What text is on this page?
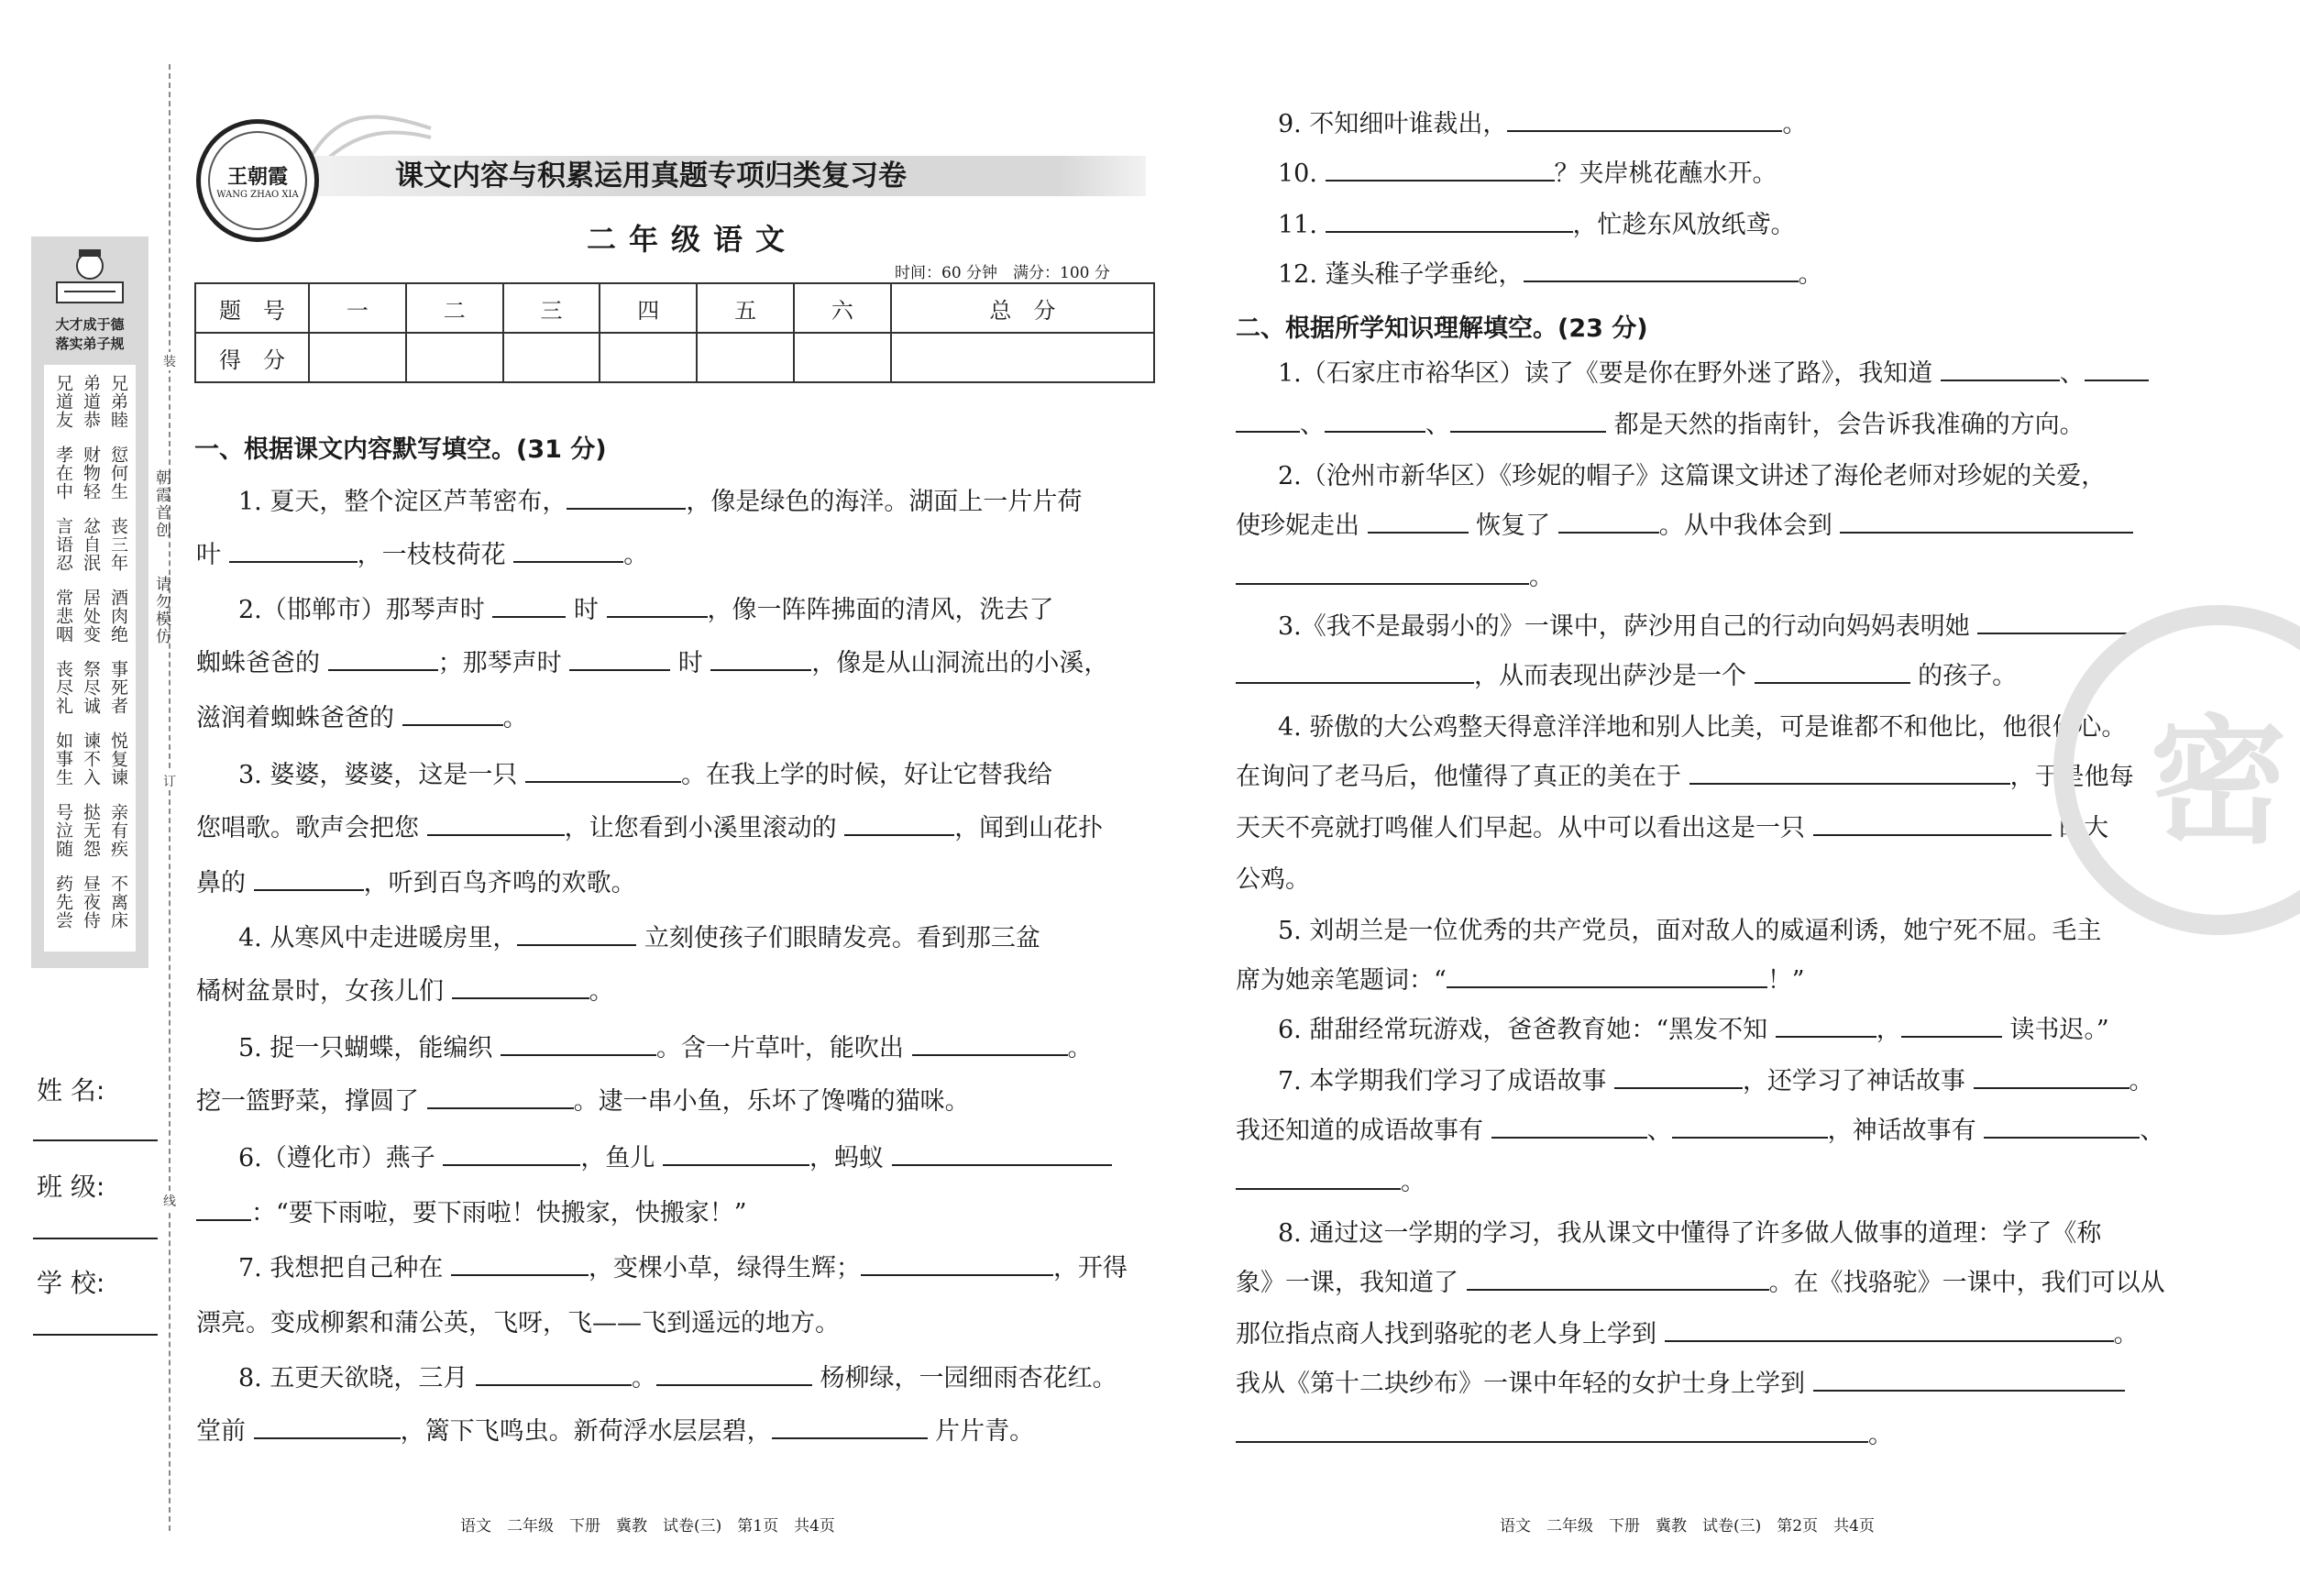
大才成于德
落实弟子规
兄道友 弟道恭 兄弟睦
孝在中 财物轻 愆何生
言语忍 忿自泯 丧三年
常悲咽 居处变 酒肉绝
丧尽礼 祭尽诚 事死者
如事生 谏不入 悦复谏
号泣随 挞无怨 亲有疾
药先尝 昼夜侍 不离床
姓 名:
班 级:
学 校:
装
订
线
朝霞首创
请勿模仿
王朝霞
WANG ZHAO XIA
课文内容与积累运用真题专项归类复习卷
二年级语文
时间：60 分钟　满分：100 分
题　号	一	二	三	四	五	六	总　分
得　分							
一、根据课文内容默写填空。(31 分)
1. 夏天，整个淀区芦苇密布，	，像是绿色的海洋。湖面上一片片荷
叶	，一枝枝荷花	。
2.（邯郸市）那琴声时	时	，像一阵阵拂面的清风，洗去了
蜘蛛爸爸的	；那琴声时	时	，像是从山洞流出的小溪，
滋润着蜘蛛爸爸的	。
3. 婆婆，婆婆，这是一只	。在我上学的时候，好让它替我给
您唱歌。歌声会把您	，让您看到小溪里滚动的	，闻到山花扑
鼻的	，听到百鸟齐鸣的欢歌。
4. 从寒风中走进暖房里，	立刻使孩子们眼睛发亮。看到那三盆
橘树盆景时，女孩儿们	。
5. 捉一只蝴蝶，能编织	。含一片草叶，能吹出	。
挖一篮野菜，撑圆了	。逮一串小鱼，乐坏了馋嘴的猫咪。
6.（遵化市）燕子	，鱼儿	，蚂蚁
：“要下雨啦，要下雨啦！快搬家，快搬家！”
7. 我想把自己种在	，变棵小草，绿得生辉；	，开得
漂亮。变成柳絮和蒲公英，飞呀，飞——飞到遥远的地方。
8. 五更天欲晓，三月	。	杨柳绿，一园细雨杏花红。
堂前	，篱下飞鸣虫。新荷浮水层层碧，	片片青。
9. 不知细叶谁裁出，	。
10.	？夹岸桃花蘸水开。
11.	，忙趁东风放纸鸢。
12. 蓬头稚子学垂纶，	。
二、根据所学知识理解填空。(23 分)
1.（石家庄市裕华区）读了《要是你在野外迷了路》，我知道	、
、	、	都是天然的指南针，会告诉我准确的方向。
2.（沧州市新华区）《珍妮的帽子》这篇课文讲述了海伦老师对珍妮的关爱，
使珍妮走出	恢复了	。从中我体会到
。
3.《我不是最弱小的》一课中，萨沙用自己的行动向妈妈表明她
，从而表现出萨沙是一个	的孩子。
4. 骄傲的大公鸡整天得意洋洋地和别人比美，可是谁都不和他比，他很伤心。
在询问了老马后，他懂得了真正的美在于	，于是他每
天天不亮就打鸣催人们早起。从中可以看出这是一只	的大
公鸡。
5. 刘胡兰是一位优秀的共产党员，面对敌人的威逼利诱，她宁死不屈。毛主
席为她亲笔题词：“	！”
6. 甜甜经常玩游戏，爸爸教育她：“黑发不知	，	读书迟。”
7. 本学期我们学习了成语故事	，还学习了神话故事	。
我还知道的成语故事有	、	，神话故事有	、
。
8. 通过这一学期的学习，我从课文中懂得了许多做人做事的道理：学了《称
象》一课，我知道了	。在《找骆驼》一课中，我们可以从
那位指点商人找到骆驼的老人身上学到	。
我从《第十二块纱布》一课中年轻的女护士身上学到
。
密
语文　二年级　下册　冀教　试卷(三)　第1页　共4页	语文　二年级　下册　冀教　试卷(三)　第2页　共4页
